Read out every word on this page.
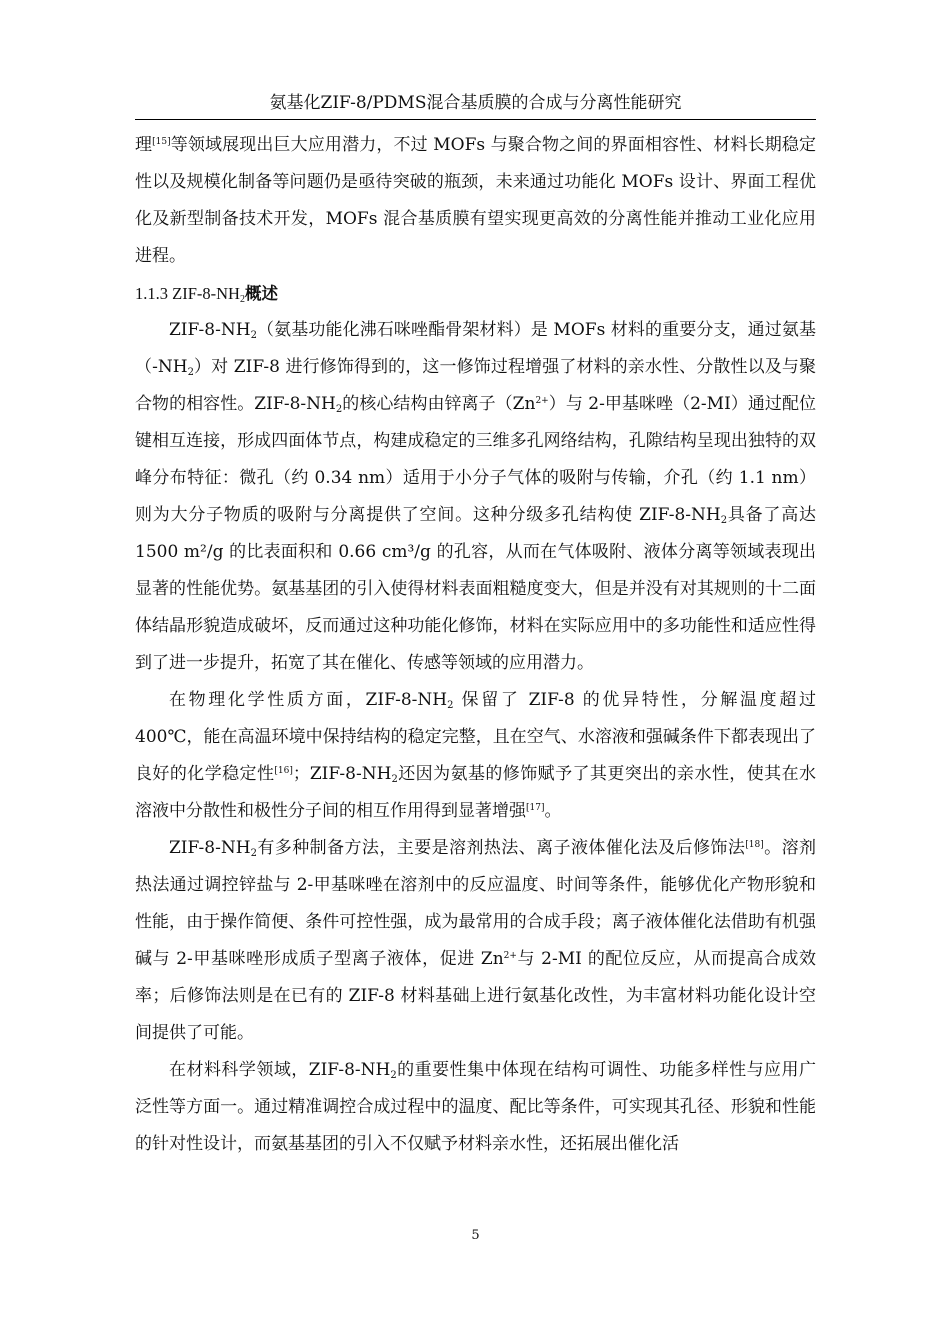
氨基化ZIF-8/PDMS混合基质膜的合成与分离性能研究

理[15]等领域展现出巨大应用潜力，不过 MOFs 与聚合物之间的界面相容性、材料长期稳定性以及规模化制备等问题仍是亟待突破的瓶颈，未来通过功能化 MOFs 设计、界面工程优化及新型制备技术开发，MOFs 混合基质膜有望实现更高效的分离性能并推动工业化应用进程。

1.1.3 ZIF-$8-NH_2$概述

ZIF-$8-NH_2$（氨基功能化沸石咪唑酯骨架材料）是 MOFs 材料的重要分支，通过氨基$(-NH_2)$对 ZIF-8 进行修饰得到的，这一修饰过程增强了材料的亲水性、分散性以及与聚合物的相容性。ZIF-$8-NH_2$的核心结构由锌离子$(Zn^{2+})$与 2-甲基咪唑（2-MI）通过配位键相互连接，形成四面体节点，构建成稳定的三维多孔网络结构，孔隙结构呈现出独特的双峰分布特征：微孔（约 0.34 nm）适用于小分子气体的吸附与传输，介孔（约 1.1 nm）则为大分子物质的吸附与分离提供了空间。这种分级多孔结构使 ZIF-$8-NH_2$具备了高达 1500 m²/g 的比表面积和 0.66 cm³/g 的孔容，从而在气体吸附、液体分离等领域表现出显著的性能优势。氨基基团的引入使得材料表面粗糙度变大，但是并没有对其规则的十二面体结晶形貌造成破坏，反而通过这种功能化修饰，材料在实际应用中的多功能性和适应性得到了进一步提升，拓宽了其在催化、传感等领域的应用潜力。

在物理化学性质方面，ZIF-$8-NH_2$ 保留了 ZIF-8 的优异特性，分解温度超过 400℃，能在高温环境中保持结构的稳定完整，且在空气、水溶液和强碱条件下都表现出了良好的化学稳定性[16]；ZIF-$8-NH_2$还因为氨基的修饰赋予了其更突出的亲水性，使其在水溶液中分散性和极性分子间的相互作用得到显著增强[17]。

ZIF-$8-NH_2$有多种制备方法，主要是溶剂热法、离子液体催化法及后修饰法[18]。溶剂热法通过调控锌盐与 2-甲基咪唑在溶剂中的反应温度、时间等条件，能够优化产物形貌和性能，由于操作简便、条件可控性强，成为最常用的合成手段；离子液体催化法借助有机强碱与 2-甲基咪唑形成质子型离子液体，促进 $Zn^{2+}$与 2-MI 的配位反应，从而提高合成效率；后修饰法则是在已有的 ZIF-8 材料基础上进行氨基化改性，为丰富材料功能化设计空间提供了可能。

在材料科学领域，ZIF-$8-NH_2$的重要性集中体现在结构可调性、功能多样性与应用广泛性等方面一。通过精准调控合成过程中的温度、配比等条件，可实现其孔径、形貌和性能的针对性设计，而氨基基团的引入不仅赋予材料亲水性，还拓展出催化活

5
